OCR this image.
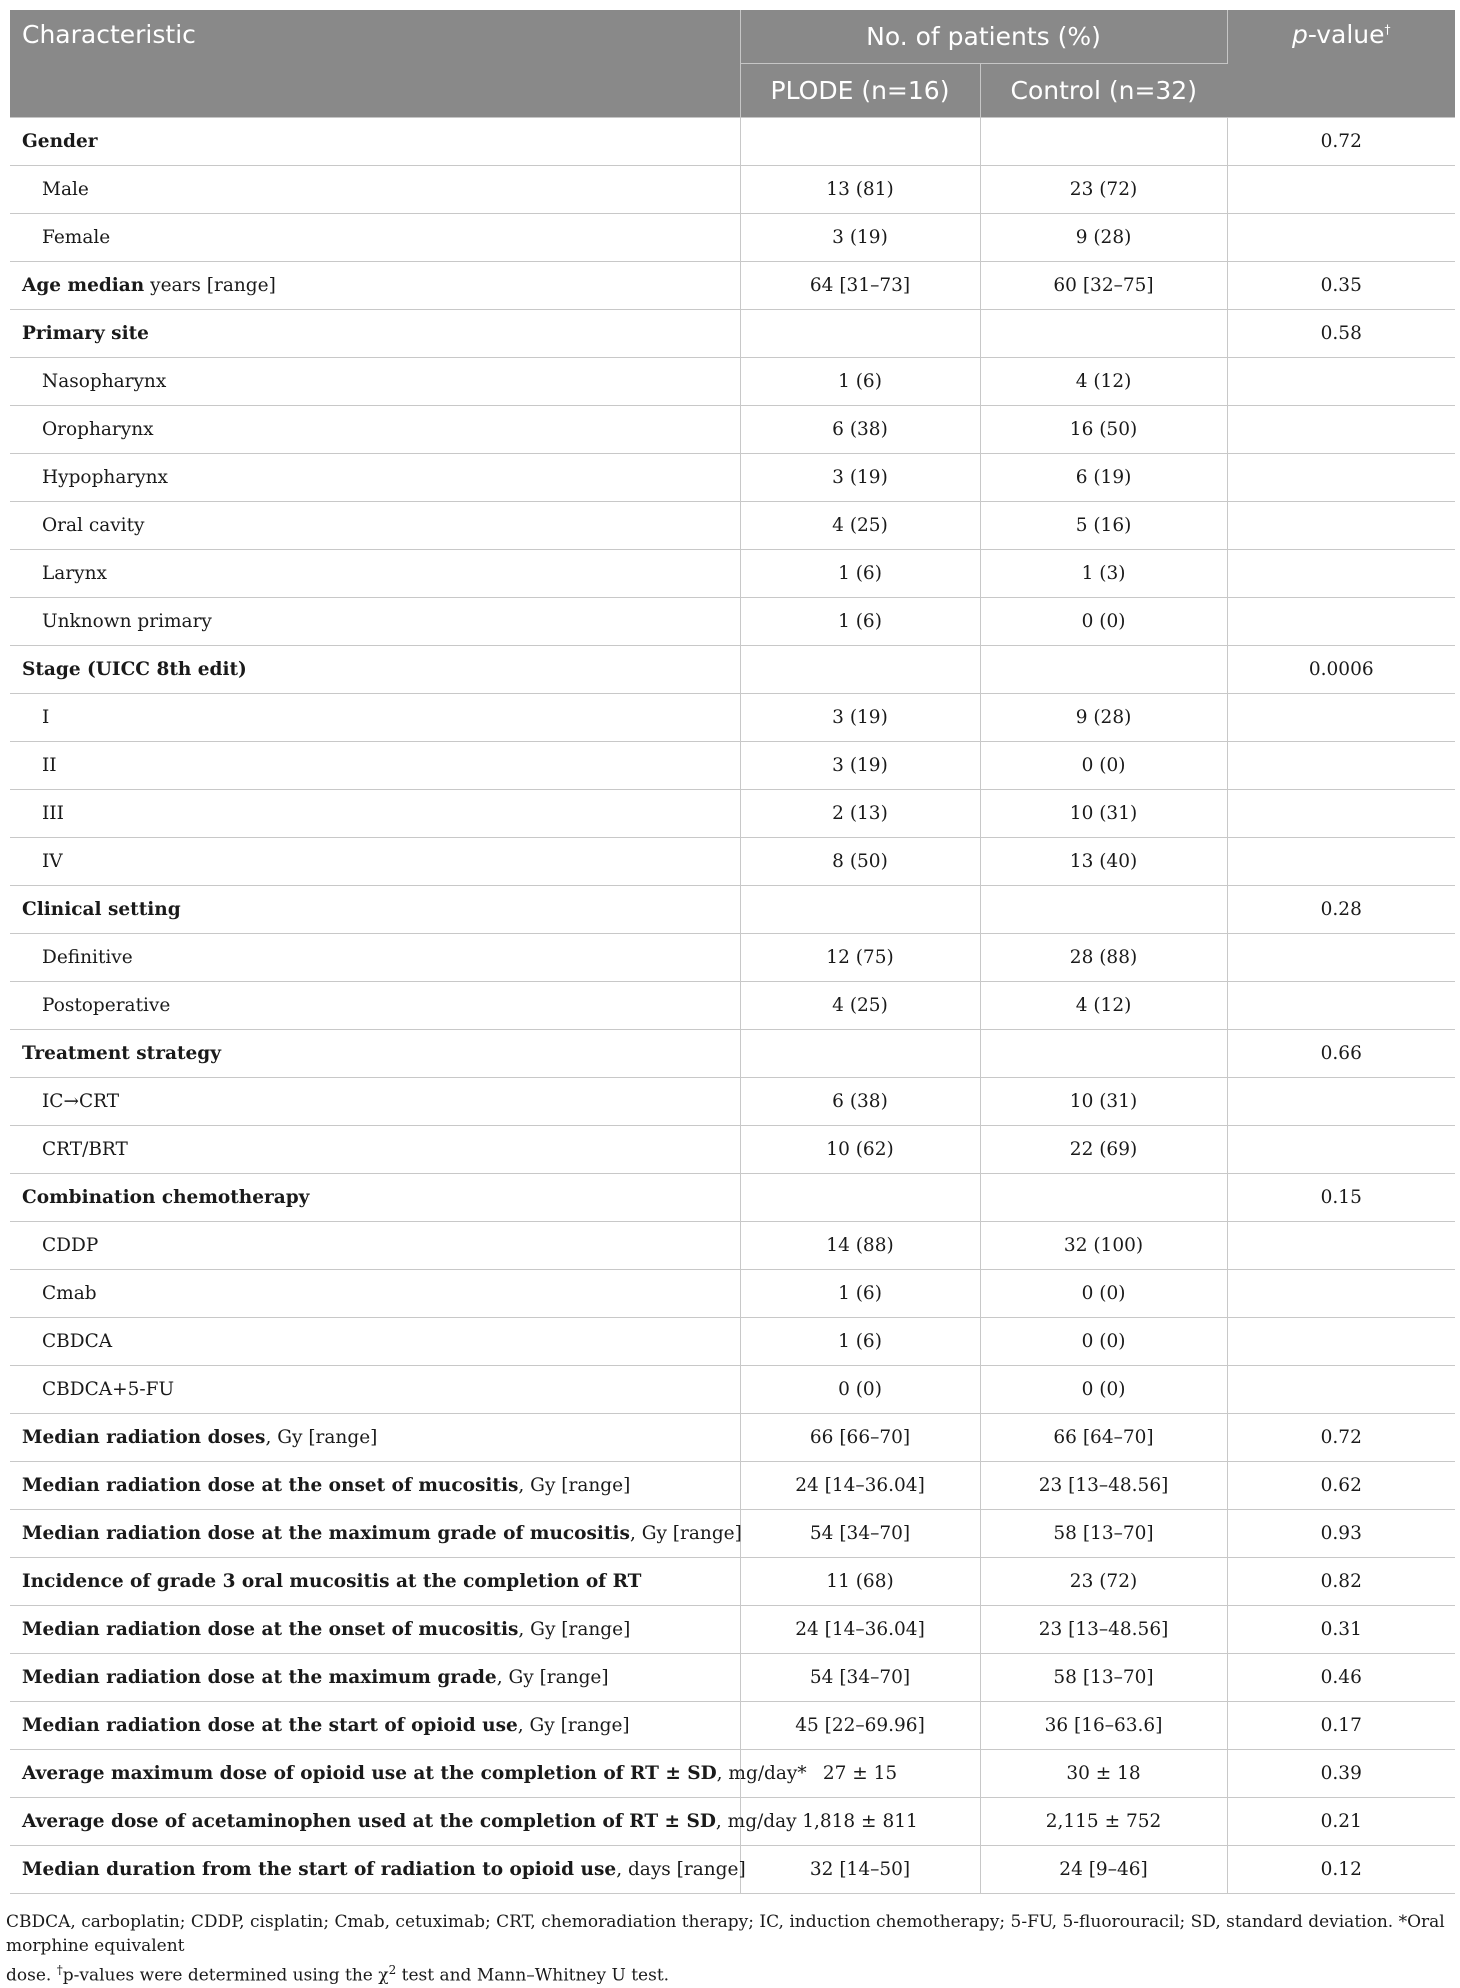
Characteristic	No. of patients (%)		p-value†
	PLODE (n=16)	Control (n=32)	
Gender			0.72
Male	13 (81)	23 (72)	
Female	3 (19)	9 (28)	
Age median years [range]	64 [31–73]	60 [32–75]	0.35
Primary site			0.58
Nasopharynx	1 (6)	4 (12)	
Oropharynx	6 (38)	16 (50)	
Hypopharynx	3 (19)	6 (19)	
Oral cavity	4 (25)	5 (16)	
Larynx	1 (6)	1 (3)	
Unknown primary	1 (6)	0 (0)	
Stage (UICC 8th edit)			0.0006
I	3 (19)	9 (28)	
II	3 (19)	0 (0)	
III	2 (13)	10 (31)	
IV	8 (50)	13 (40)	
Clinical setting			0.28
Definitive	12 (75)	28 (88)	
Postoperative	4 (25)	4 (12)	
Treatment strategy			0.66
IC→CRT	6 (38)	10 (31)	
CRT/BRT	10 (62)	22 (69)	
Combination chemotherapy			0.15
CDDP	14 (88)	32 (100)	
Cmab	1 (6)	0 (0)	
CBDCA	1 (6)	0 (0)	
CBDCA+5-FU	0 (0)	0 (0)	
Median radiation doses, Gy [range]	66 [66–70]	66 [64–70]	0.72
Median radiation dose at the onset of mucositis, Gy [range]	24 [14–36.04]	23 [13–48.56]	0.62
Median radiation dose at the maximum grade of mucositis, Gy [range]	54 [34–70]	58 [13–70]	0.93
Incidence of grade 3 oral mucositis at the completion of RT	11 (68)	23 (72)	0.82
Median radiation dose at the onset of mucositis, Gy [range]	24 [14–36.04]	23 [13–48.56]	0.31
Median radiation dose at the maximum grade, Gy [range]	54 [34–70]	58 [13–70]	0.46
Median radiation dose at the start of opioid use, Gy [range]	45 [22–69.96]	36 [16–63.6]	0.17
Average maximum dose of opioid use at the completion of RT ± SD, mg/day*	27 ± 15	30 ± 18	0.39
Average dose of acetaminophen used at the completion of RT ± SD, mg/day	1,818 ± 811	2,115 ± 752	0.21
Median duration from the start of radiation to opioid use, days [range]	32 [14–50]	24 [9–46]	0.12
CBDCA, carboplatin; CDDP, cisplatin; Cmab, cetuximab; CRT, chemoradiation therapy; IC, induction chemotherapy; 5-FU, 5-fluorouracil; SD, standard deviation. *Oral morphine equivalent
dose. †p-values were determined using the $\chi^2$ test and Mann–Whitney U test.
